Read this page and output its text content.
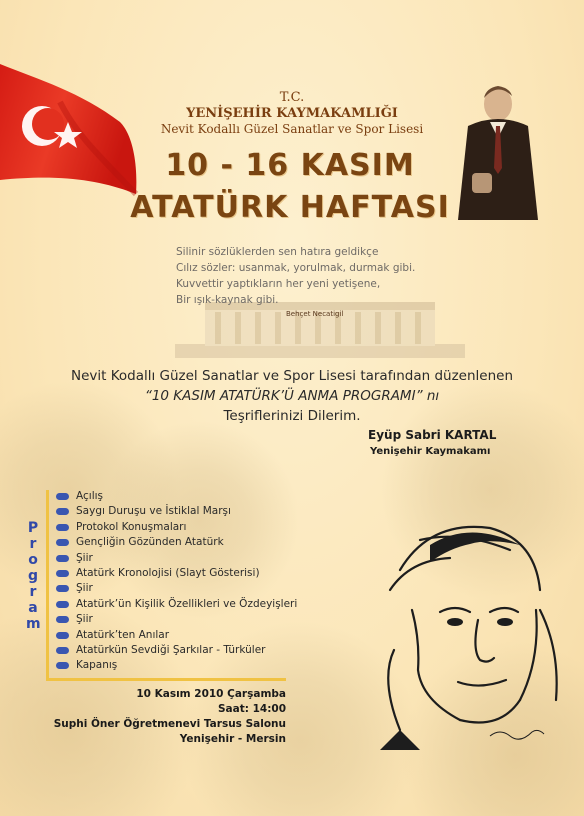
T.C.
YENİŞEHİR KAYMAKAMLIĞI
Nevit Kodallı Güzel Sanatlar ve Spor Lisesi
10 - 16 KASIM
ATATÜRK HAFTASI
Silinir sözlüklerden sen hatıra geldikçe
Cılız sözler: usanmak, yorulmak, durmak gibi.
Kuvvettir yaptıkların her yeni yetişene,
Bir ışık-kaynak gibi.
Behçet Necatigil
Nevit Kodallı Güzel Sanatlar ve Spor Lisesi tarafından düzenlenen
“10 KASIM ATATÜRK’Ü ANMA PROGRAMI” nı
Teşriflerinizi Dilerim.
Eyüp Sabri KARTAL
Yenişehir Kaymakamı
P
r
o
g
r
a
m
Açılış
Saygı Duruşu ve İstiklal Marşı
Protokol Konuşmaları
Gençliğin Gözünden Atatürk
Şiir
Atatürk Kronolojisi (Slayt Gösterisi)
Şiir
Atatürk’ün Kişilik Özellikleri ve Özdeyişleri
Şiir
Atatürk’ten Anılar
Atatürkün Sevdiği Şarkılar - Türküler
Kapanış
10 Kasım 2010 Çarşamba
Saat: 14:00
Suphi Öner Öğretmenevi Tarsus Salonu
Yenişehir - Mersin
